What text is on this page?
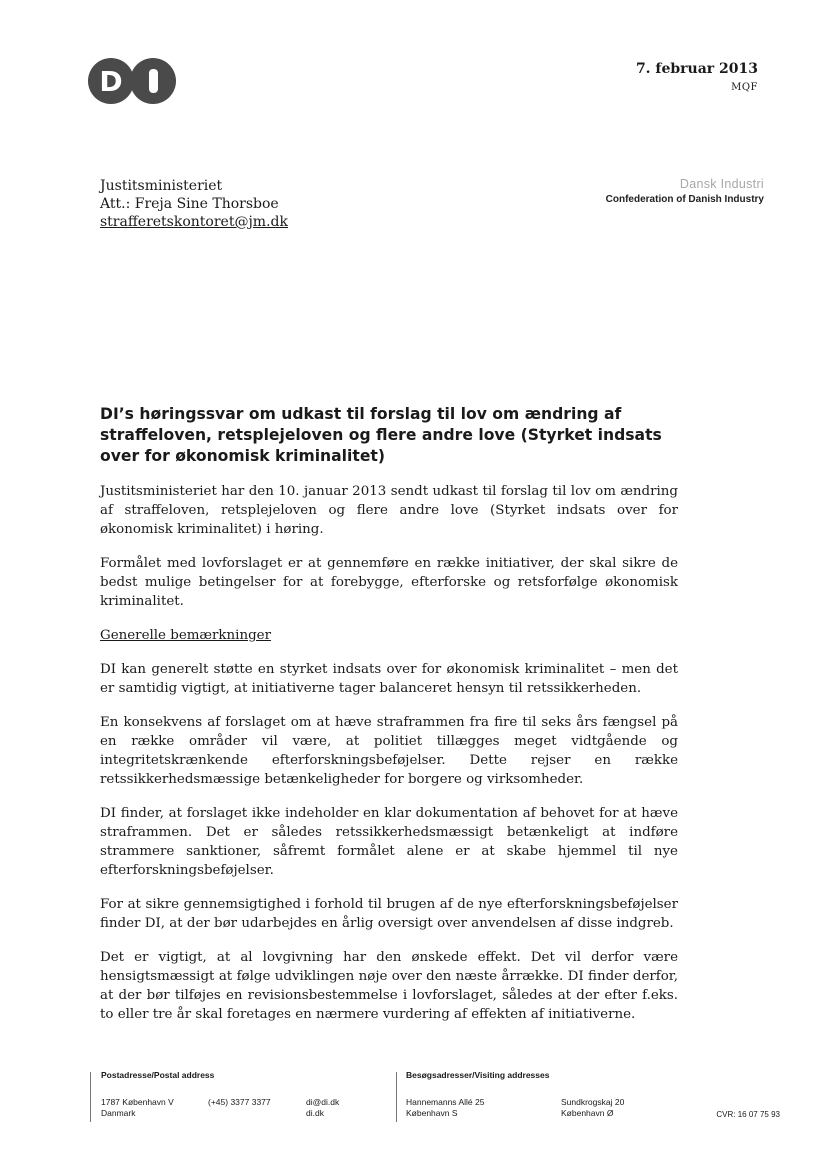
D	7. februar 2013
MQF
Justitsministeriet
Att.: Freja Sine Thorsboe
strafferetskontoret@jm.dk
Dansk Industri
Confederation of Danish Industry
DI’s høringssvar om udkast til forslag til lov om ændring af straffeloven, retsplejeloven og flere andre love (Styrket indsats over for økonomisk kriminalitet)

Justitsministeriet har den 10. januar 2013 sendt udkast til forslag til lov om ændring af straffeloven, retsplejeloven og flere andre love (Styrket indsats over for økonomisk kriminalitet) i høring.

Formålet med lovforslaget er at gennemføre en række initiativer, der skal sikre de bedst mulige betingelser for at forebygge, efterforske og retsforfølge økonomisk kriminalitet.

Generelle bemærkninger

DI kan generelt støtte en styrket indsats over for økonomisk kriminalitet – men det er samtidig vigtigt, at initiativerne tager balanceret hensyn til retssikkerheden.

En konsekvens af forslaget om at hæve straframmen fra fire til seks års fængsel på en række områder vil være, at politiet tillægges meget vidtgående og integritetskrænkende efterforskningsbeføjelser. Dette rejser en række retssikkerhedsmæssige betænkeligheder for borgere og virksomheder.

DI finder, at forslaget ikke indeholder en klar dokumentation af behovet for at hæve straframmen. Det er således retssikkerhedsmæssigt betænkeligt at indføre strammere sanktioner, såfremt formålet alene er at skabe hjemmel til nye efterforskningsbeføjelser.

For at sikre gennemsigtighed i forhold til brugen af de nye efterforskningsbeføjelser finder DI, at der bør udarbejdes en årlig oversigt over anvendelsen af disse indgreb.

Det er vigtigt, at al lovgivning har den ønskede effekt. Det vil derfor være hensigtsmæssigt at følge udviklingen nøje over den næste årrække. DI finder derfor, at der bør tilføjes en revisionsbestemmelse i lovforslaget, således at der efter f.eks. to eller tre år skal foretages en nærmere vurdering af effekten af initiativerne.

Postadresse/Postal address
1787 København V
Danmark
(+45) 3377 3377	di@di.dk
di.dk
Besøgsadresser/Visiting addresses
Hannemanns Allé 25
København S
Sundkrogskaj 20
København Ø	CVR: 16 07 75 93
